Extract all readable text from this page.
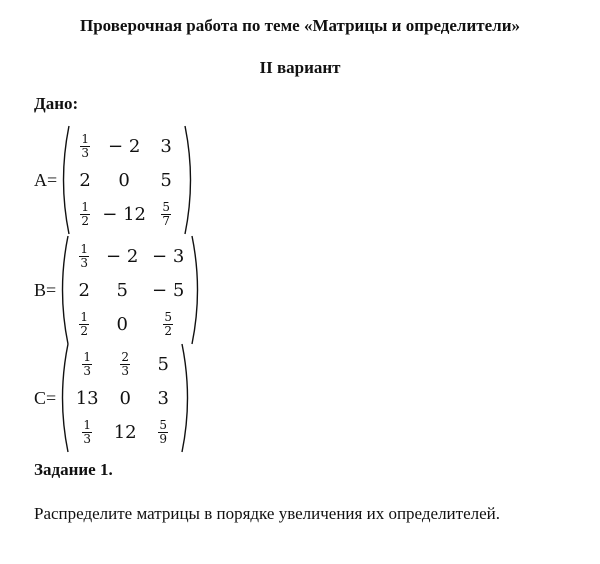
Проверочная работа по теме «Матрицы и определители»
II вариант
Дано:
A=
$\frac{1}{3} - 2$ 3
2 0 5
$\frac{1}{2} - 12 \frac{5}{7}$
B=
$\frac{1}{3} - 2 - 3$
2 5 − 5
$\frac{1}{2} 0$	$\frac{5}{2}$
C=
$\frac{1}{3} \frac{2}{3} 5$
13 0 3
$\frac{1}{3} 12 \frac{5}{9}$
Задание 1.
Распределите матрицы в порядке увеличения их определителей.
